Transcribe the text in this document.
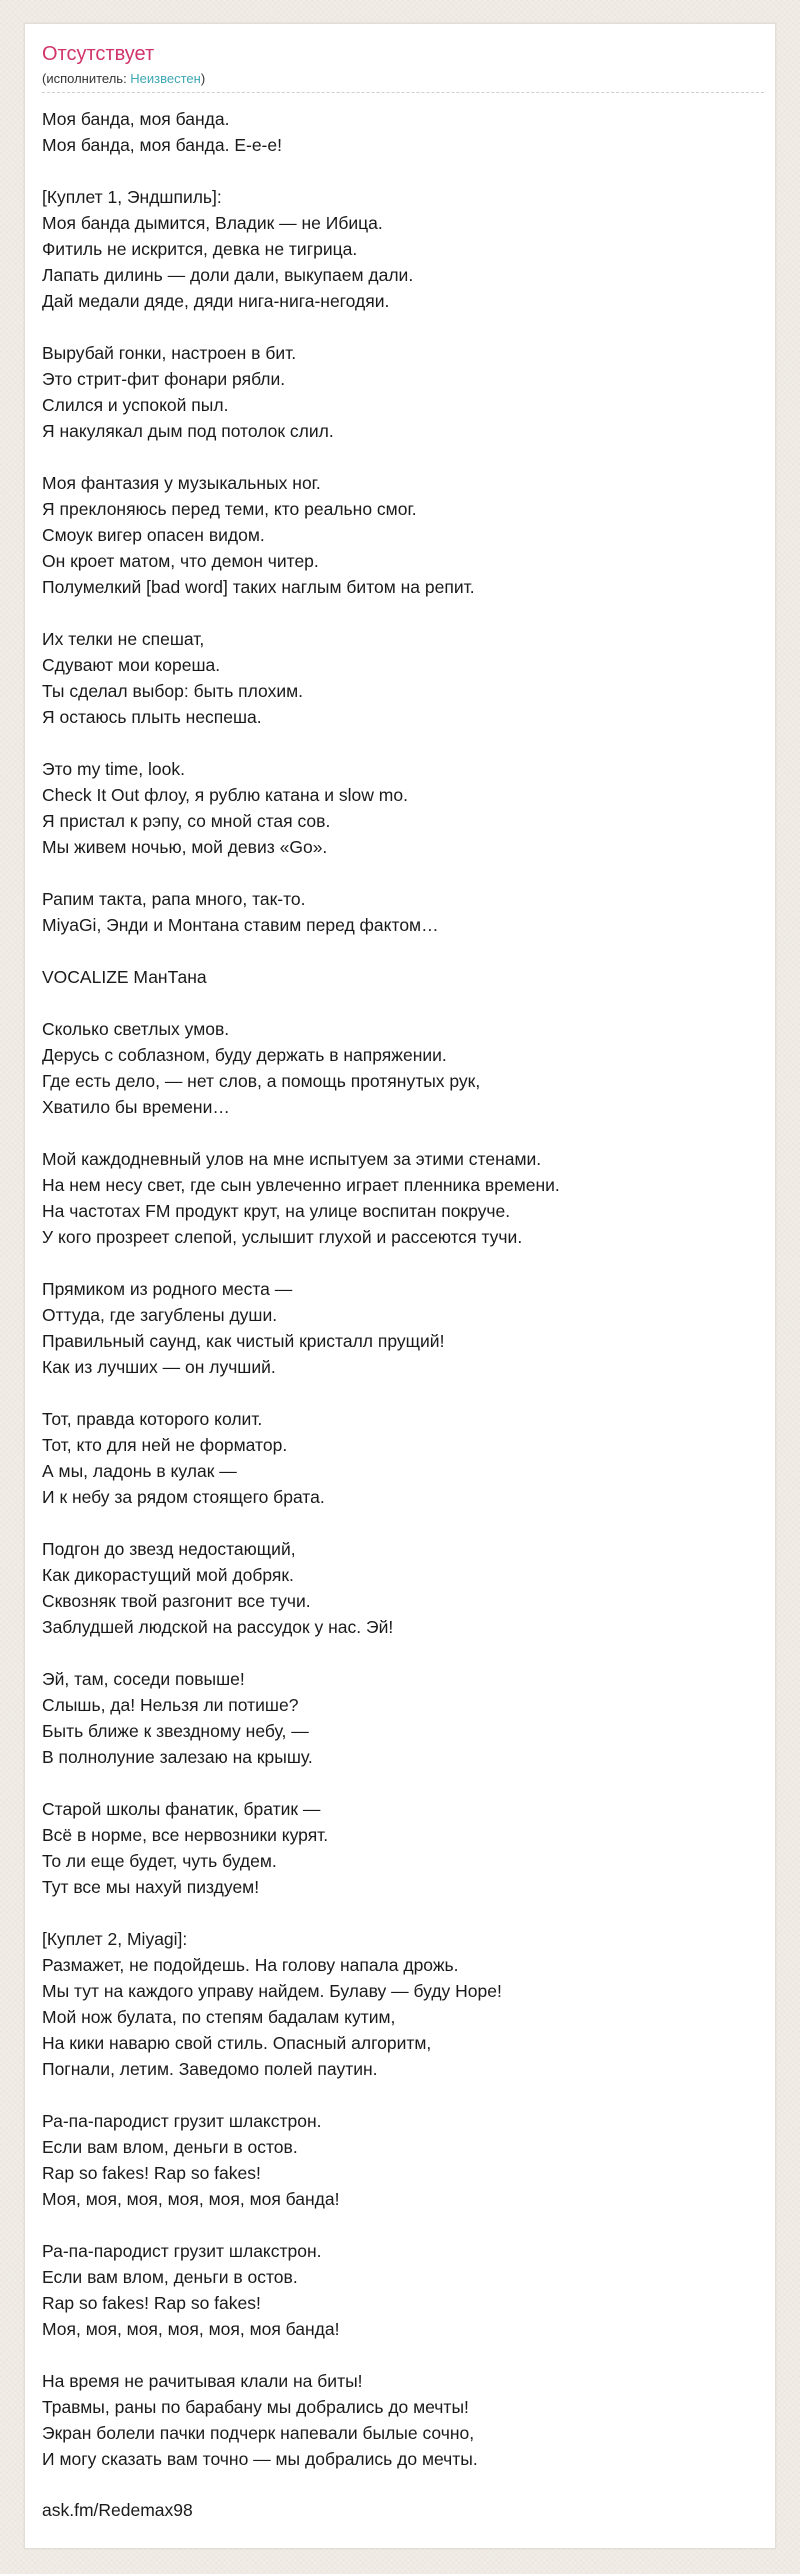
Отсутствует
(исполнитель: Неизвестен)
Моя банда, моя банда.
Моя банда, моя банда. Е-е-е!
[Куплет 1, Эндшпиль]:
Моя банда дымится, Владик — не Ибица.
Фитиль не искрится, девка не тигрица.
Лапать дилинь — доли дали, выкупаем дали.
Дай медали дяде, дяди нига-нига-негодяи.
Вырубай гонки, настроен в бит.
Это стрит-фит фонари рябли.
Слился и успокой пыл.
Я накулякал дым под потолок слил.
Моя фантазия у музыкальных ног.
Я преклоняюсь перед теми, кто реально смог.
Смоук вигер опасен видом.
Он кроет матом, что демон читер.
Полумелкий [bad word] таких наглым битом на репит.
Их телки не спешат,
Сдувают мои кореша.
Ты сделал выбор: быть плохим.
Я остаюсь плыть неспеша.
Это my time, look.
Check It Out флоу, я рублю катана и slow mo.
Я пристал к рэпу, со мной стая сов.
Мы живем ночью, мой девиз «Go».
Рапим такта, рапа много, так-то.
MiyaGi, Энди и Монтана ставим перед фактом…
VOCALIZE МанТана
Сколько светлых умов.
Дерусь с соблазном, буду держать в напряжении.
Где есть дело, — нет слов, а помощь протянутых рук,
Хватило бы времени…
Мой каждодневный улов на мне испытуем за этими стенами.
На нем несу свет, где сын увлеченно играет пленника времени.
На частотах FM продукт крут, на улице воспитан покруче.
У кого прозреет слепой, услышит глухой и рассеются тучи.
Прямиком из родного места —
Оттуда, где загублены души.
Правильный саунд, как чистый кристалл прущий!
Как из лучших — он лучший.
Тот, правда которого колит.
Тот, кто для ней не форматор.
А мы, ладонь в кулак —
И к небу за рядом стоящего брата.
Подгон до звезд недостающий,
Как дикорастущий мой добряк.
Сквозняк твой разгонит все тучи.
Заблудшей людской на рассудок у нас. Эй!
Эй, там, соседи повыше!
Слышь, да! Нельзя ли потише?
Быть ближе к звездному небу, —
В полнолуние залезаю на крышу.
Старой школы фанатик, братик —
Всё в норме, все нервозники курят.
То ли еще будет, чуть будем.
Тут все мы нахуй пиздуем!
[Куплет 2, Miyagi]:
Размажет, не подойдешь. На голову напала дрожь.
Мы тут на каждого управу найдем. Булаву — буду Hope!
Мой нож булата, по степям бадалам кутим,
На кики наварю свой стиль. Опасный алгоритм,
Погнали, летим. Заведомо полей паутин.
Ра-па-пародист грузит шлакстрон.
Если вам влом, деньги в остов.
Rap so fakes! Rap so fakes!
Моя, моя, моя, моя, моя, моя банда!
Ра-па-пародист грузит шлакстрон.
Если вам влом, деньги в остов.
Rap so fakes! Rap so fakes!
Моя, моя, моя, моя, моя, моя банда!
На время не рачитывая клали на биты!
Травмы, раны по барабану мы добрались до мечты!
Экран болели пачки подчерк напевали былые сочно,
И могу сказать вам точно — мы добрались до мечты.
ask.fm/Redemax98
